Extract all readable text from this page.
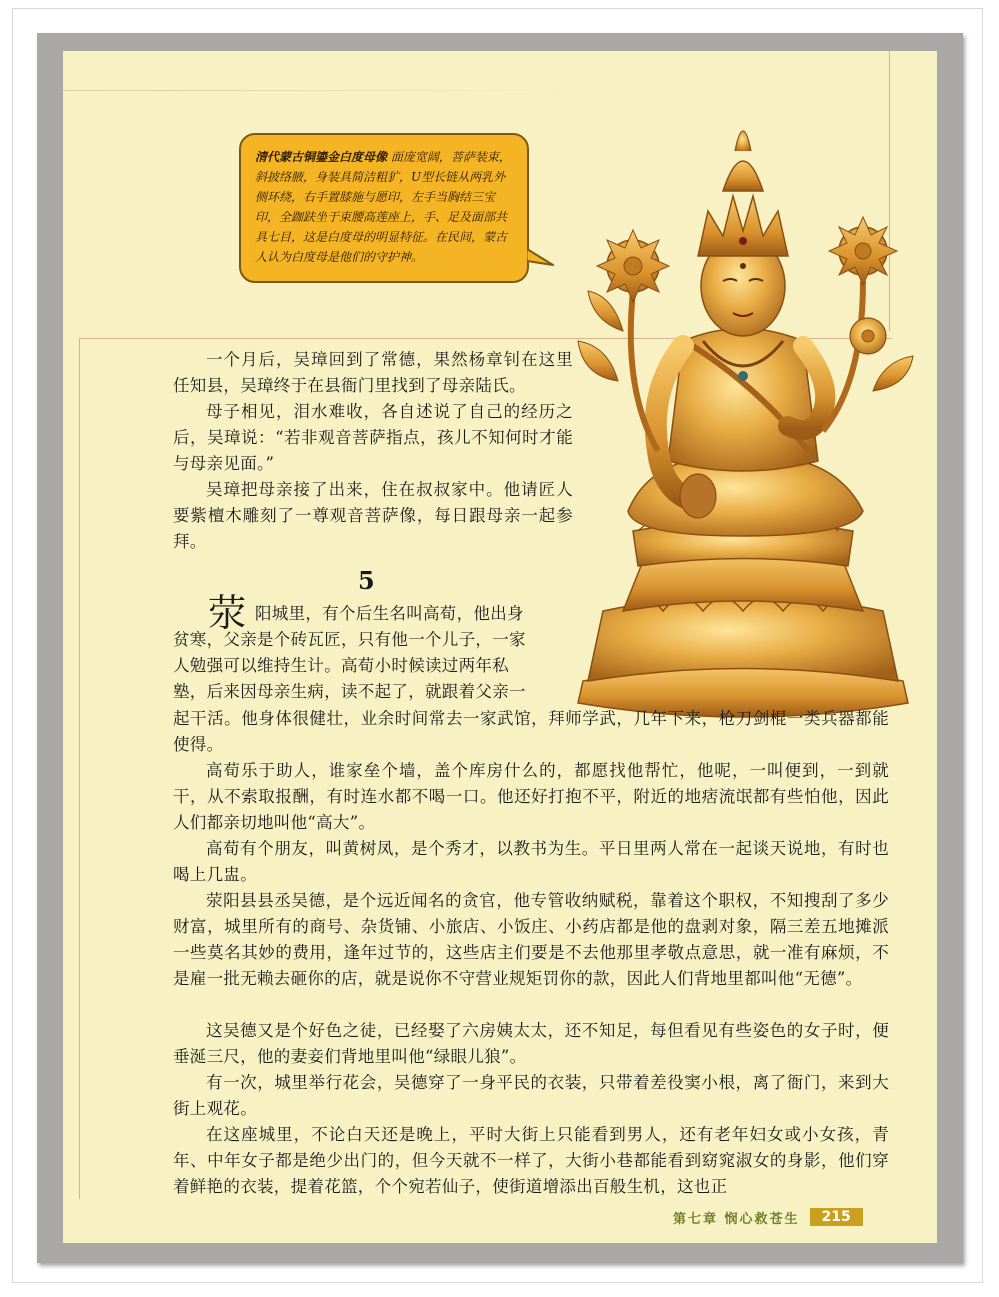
清代蒙古铜鎏金白度母像 面庞宽阔，菩萨装束，斜披络腋，身装具简洁粗犷，U型长链从两乳外侧环绕，右手置膝施与愿印，左手当胸结三宝印，全跏趺坐于束腰高莲座上，手、足及面部共具七目，这是白度母的明显特征。在民间，蒙古人认为白度母是他们的守护神。

一个月后，吴璋回到了常德，果然杨章钊在这里任知县，吴璋终于在县衙门里找到了母亲陆氏。

母子相见，泪水难收，各自述说了自己的经历之后，吴璋说：“若非观音菩萨指点，孩儿不知何时才能与母亲见面。”

吴璋把母亲接了出来，住在叔叔家中。他请匠人要紫檀木雕刻了一尊观音菩萨像，每日跟母亲一起参拜。

5
荥 阳城里，有个后生名叫高荀，他出身
贫寒，父亲是个砖瓦匠，只有他一个儿子，一家
人勉强可以维持生计。高荀小时候读过两年私
塾，后来因母亲生病，读不起了，就跟着父亲一

起干活。他身体很健壮，业余时间常去一家武馆，拜师学武，几年下来，枪刀剑棍一类兵器都能使得。

高荀乐于助人，谁家垒个墙，盖个库房什么的，都愿找他帮忙，他呢，一叫便到，一到就干，从不索取报酬，有时连水都不喝一口。他还好打抱不平，附近的地痞流氓都有些怕他，因此人们都亲切地叫他“高大”。

高荀有个朋友，叫黄树凤，是个秀才，以教书为生。平日里两人常在一起谈天说地，有时也喝上几盅。

荥阳县县丞吴德，是个远近闻名的贪官，他专管收纳赋税，靠着这个职权，不知搜刮了多少财富，城里所有的商号、杂货铺、小旅店、小饭庄、小药店都是他的盘剥对象，隔三差五地摊派一些莫名其妙的费用，逢年过节的，这些店主们要是不去他那里孝敬点意思，就一准有麻烦，不是雇一批无赖去砸你的店，就是说你不守营业规矩罚你的款，因此人们背地里都叫他“无德”。

这吴德又是个好色之徒，已经娶了六房姨太太，还不知足，每但看见有些姿色的女子时，便垂涎三尺，他的妻妾们背地里叫他“绿眼儿狼”。

有一次，城里举行花会，吴德穿了一身平民的衣装，只带着差役窦小根，离了衙门，来到大街上观花。

在这座城里，不论白天还是晚上，平时大街上只能看到男人，还有老年妇女或小女孩，青年、中年女子都是绝少出门的，但今天就不一样了，大街小巷都能看到窈窕淑女的身影，他们穿着鲜艳的衣装，提着花篮，个个宛若仙子，使街道增添出百般生机，这也正

第七章 悯心救苍生	215
